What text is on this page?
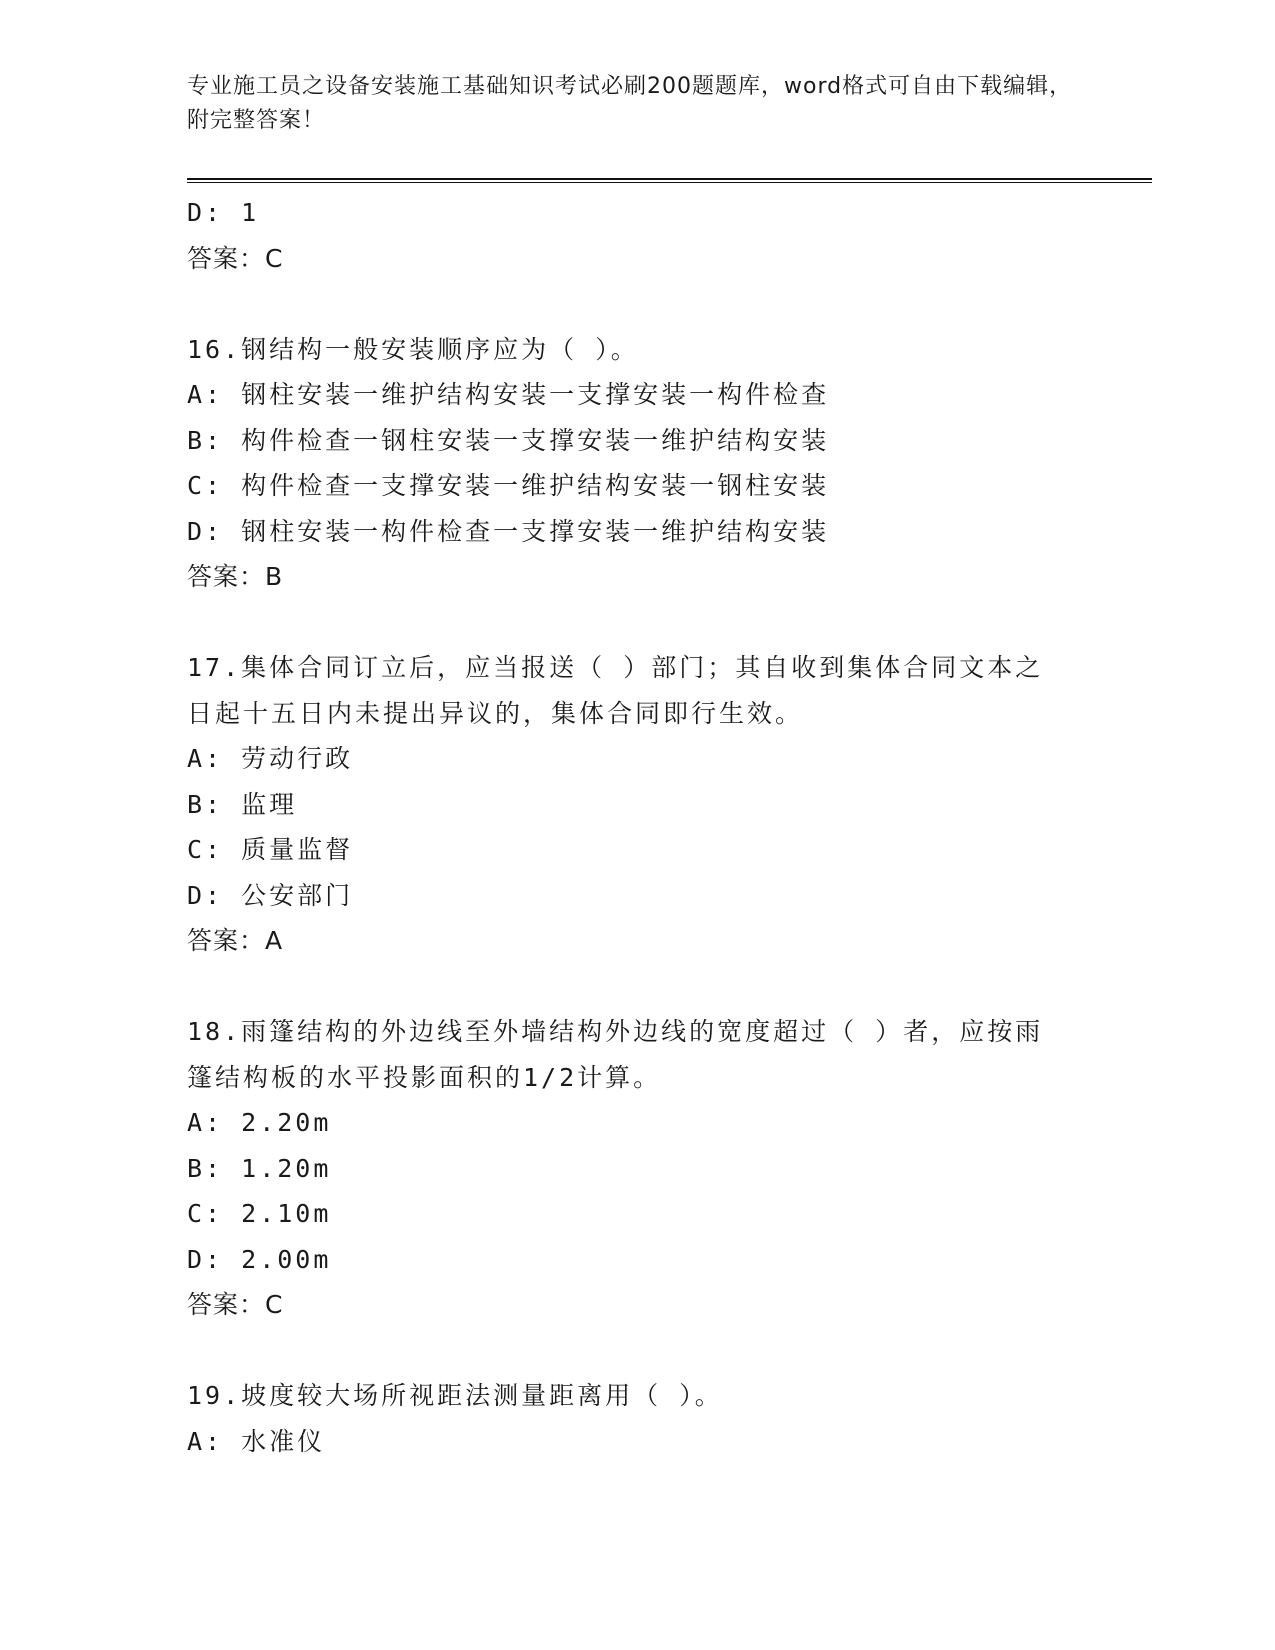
专业施工员之设备安装施工基础知识考试必刷200题题库，word格式可自由下载编辑，附完整答案！
D: 1
答案：C
16.钢结构一般安装顺序应为（ ）。
A: 钢柱安装一维护结构安装一支撑安装一构件检查
B: 构件检查一钢柱安装一支撑安装一维护结构安装
C: 构件检查一支撑安装一维护结构安装一钢柱安装
D: 钢柱安装一构件检查一支撑安装一维护结构安装
答案：B
17.集体合同订立后，应当报送（ ）部门；其自收到集体合同文本之
日起十五日内未提出异议的，集体合同即行生效。
A: 劳动行政
B: 监理
C: 质量监督
D: 公安部门
答案：A
18.雨篷结构的外边线至外墙结构外边线的宽度超过（ ）者，应按雨
篷结构板的水平投影面积的1/2计算。
A: 2.20m
B: 1.20m
C: 2.10m
D: 2.00m
答案：C
19.坡度较大场所视距法测量距离用（ ）。
A: 水准仪
